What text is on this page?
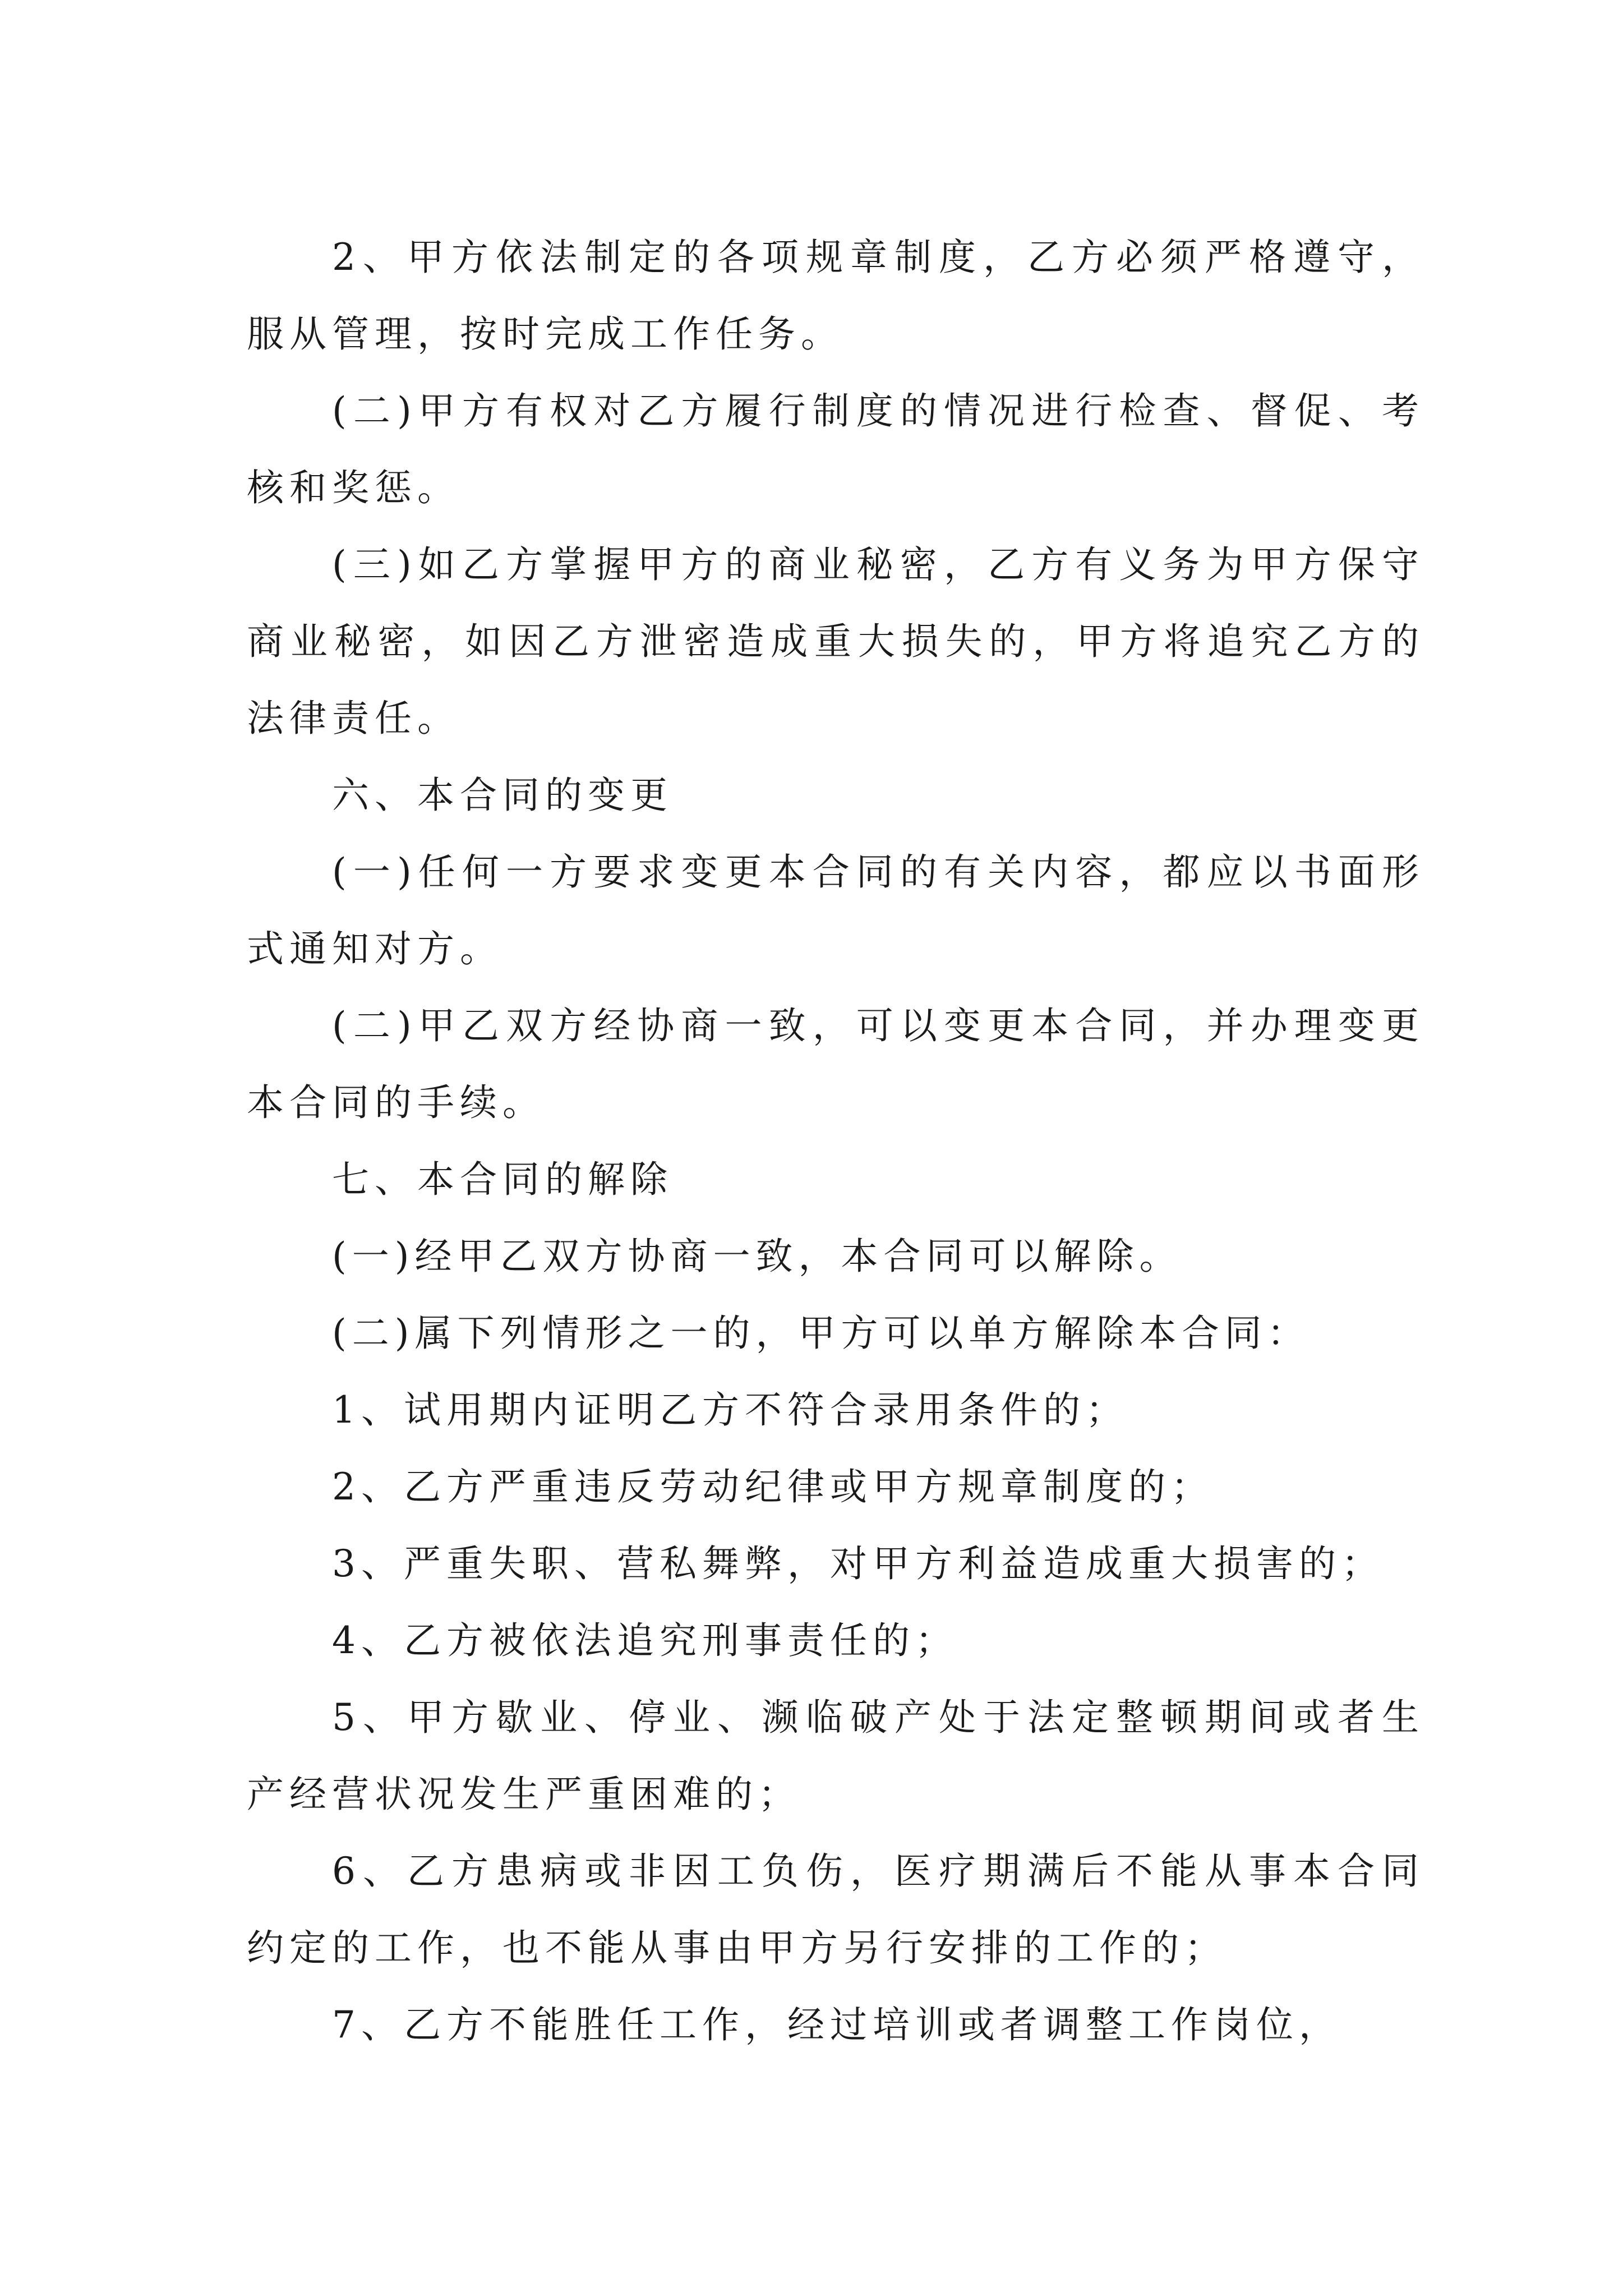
2、甲方依法制定的各项规章制度，乙方必须严格遵守，服从管理，按时完成工作任务。

(二)甲方有权对乙方履行制度的情况进行检查、督促、考核和奖惩。

(三)如乙方掌握甲方的商业秘密，乙方有义务为甲方保守商业秘密，如因乙方泄密造成重大损失的，甲方将追究乙方的法律责任。

六、本合同的变更

(一)任何一方要求变更本合同的有关内容，都应以书面形式通知对方。

(二)甲乙双方经协商一致，可以变更本合同，并办理变更本合同的手续。

七、本合同的解除

(一)经甲乙双方协商一致，本合同可以解除。

(二)属下列情形之一的，甲方可以单方解除本合同：

1、试用期内证明乙方不符合录用条件的；

2、乙方严重违反劳动纪律或甲方规章制度的；

3、严重失职、营私舞弊，对甲方利益造成重大损害的；

4、乙方被依法追究刑事责任的；

5、甲方歇业、停业、濒临破产处于法定整顿期间或者生产经营状况发生严重困难的；

6、乙方患病或非因工负伤，医疗期满后不能从事本合同约定的工作，也不能从事由甲方另行安排的工作的；

7、乙方不能胜任工作，经过培训或者调整工作岗位，
